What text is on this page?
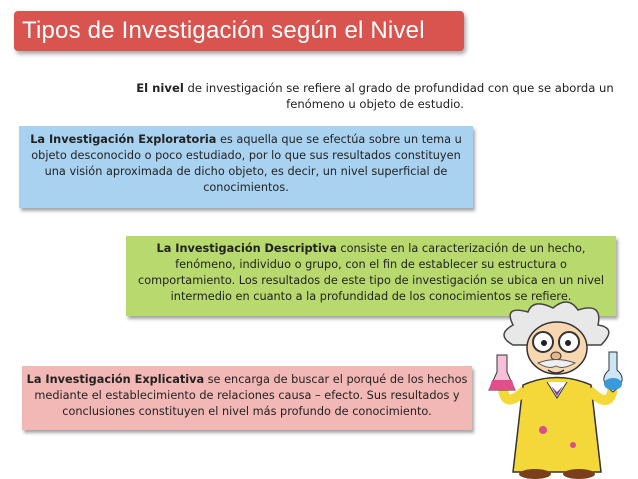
Tipos de Investigación según el Nivel
El nivel de investigación se refiere al grado de profundidad con que se aborda un fenómeno u objeto de estudio.
La Investigación Exploratoria es aquella que se efectúa sobre un tema u objeto desconocido o poco estudiado, por lo que sus resultados constituyen una visión aproximada de dicho objeto, es decir, un nivel superficial de conocimientos.
La Investigación Descriptiva consiste en la caracterización de un hecho, fenómeno, individuo o grupo, con el fin de establecer su estructura o comportamiento. Los resultados de este tipo de investigación se ubica en un nivel intermedio en cuanto a la profundidad de los conocimientos se refiere.
La Investigación Explicativa se encarga de buscar el porqué de los hechos mediante el establecimiento de relaciones causa – efecto. Sus resultados y conclusiones constituyen el nivel más profundo de conocimiento.
